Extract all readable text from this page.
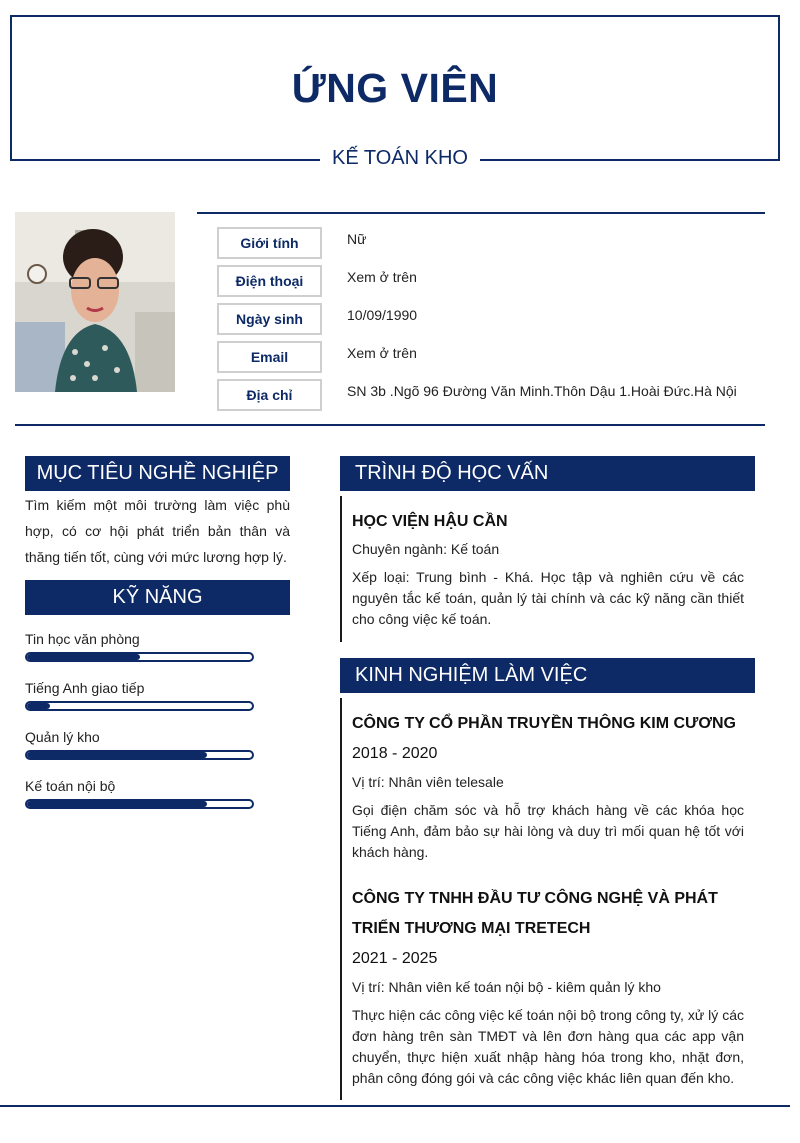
ỨNG VIÊN
KẾ TOÁN KHO
Giới tính	Nữ
Điện thoại	Xem ở trên
Ngày sinh	10/09/1990
Email	Xem ở trên
Địa chỉ	SN 3b .Ngõ 96 Đường Văn Minh.Thôn Dậu 1.Hoài Đức.Hà Nội
MỤC TIÊU NGHỀ NGHIỆP
Tìm kiếm một môi trường làm việc phù hợp, có cơ hội phát triển bản thân và thăng tiến tốt, cùng với mức lương hợp lý.
KỸ NĂNG
Tin học văn phòng
Tiếng Anh giao tiếp
Quản lý kho
Kế toán nội bộ
TRÌNH ĐỘ HỌC VẤN
HỌC VIỆN HẬU CẦN
Chuyên ngành: Kế toán
Xếp loại: Trung bình - Khá. Học tập và nghiên cứu về các nguyên tắc kế toán, quản lý tài chính và các kỹ năng cần thiết cho công việc kế toán.
KINH NGHIỆM LÀM VIỆC
CÔNG TY CỔ PHẦN TRUYỀN THÔNG KIM CƯƠNG
2018 - 2020
Vị trí: Nhân viên telesale
Gọi điện chăm sóc và hỗ trợ khách hàng về các khóa học Tiếng Anh, đảm bảo sự hài lòng và duy trì mối quan hệ tốt với khách hàng.
CÔNG TY TNHH ĐẦU TƯ CÔNG NGHỆ VÀ PHÁT TRIỂN THƯƠNG MẠI TRETECH
2021 - 2025
Vị trí: Nhân viên kế toán nội bộ - kiêm quản lý kho
Thực hiện các công việc kế toán nội bộ trong công ty, xử lý các đơn hàng trên sàn TMĐT và lên đơn hàng qua các app vận chuyển, thực hiện xuất nhập hàng hóa trong kho, nhặt đơn, phân công đóng gói và các công việc khác liên quan đến kho.
